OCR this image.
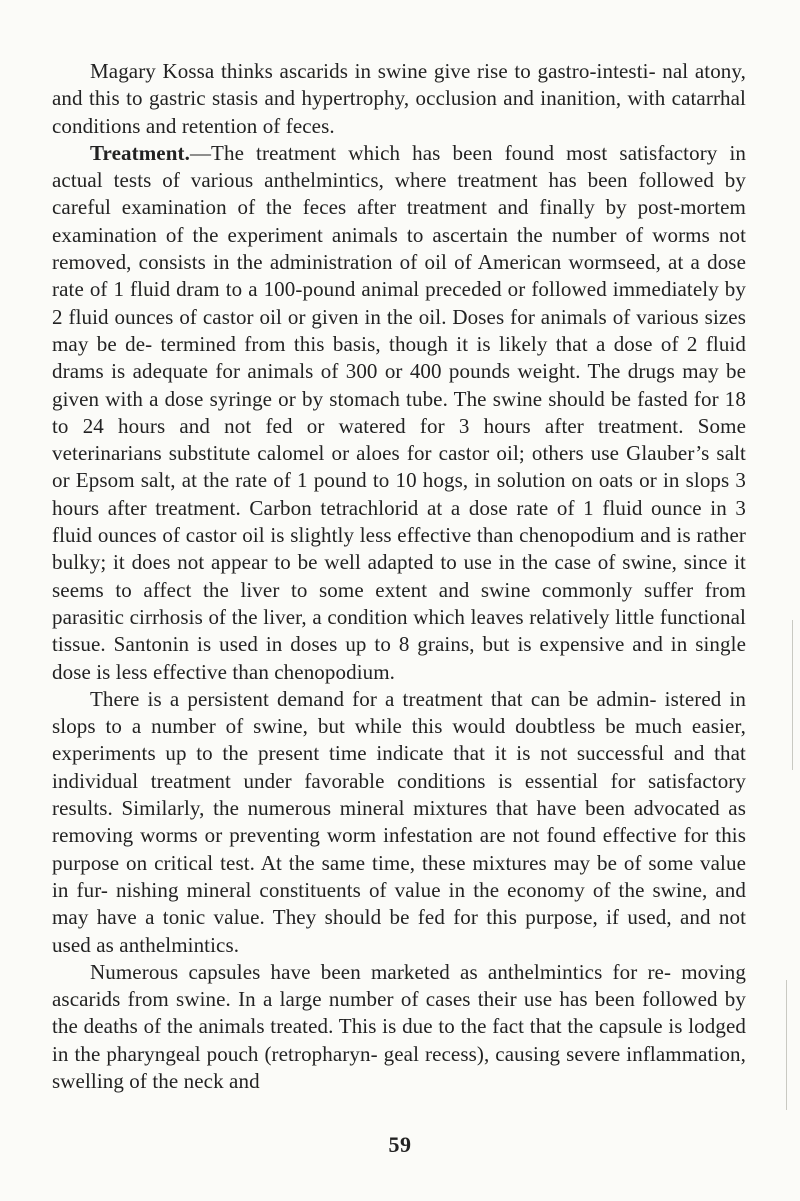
Magary Kossa thinks ascarids in swine give rise to gastro-intesti- nal atony, and this to gastric stasis and hypertrophy, occlusion and inanition, with catarrhal conditions and retention of feces.

Treatment.—The treatment which has been found most satisfactory in actual tests of various anthelmintics, where treatment has been followed by careful examination of the feces after treatment and finally by post-mortem examination of the experiment animals to ascertain the number of worms not removed, consists in the administration of oil of American wormseed, at a dose rate of 1 fluid dram to a 100-pound animal preceded or followed immediately by 2 fluid ounces of castor oil or given in the oil. Doses for animals of various sizes may be de- termined from this basis, though it is likely that a dose of 2 fluid drams is adequate for animals of 300 or 400 pounds weight. The drugs may be given with a dose syringe or by stomach tube. The swine should be fasted for 18 to 24 hours and not fed or watered for 3 hours after treatment. Some veterinarians substitute calomel or aloes for castor oil; others use Glauber’s salt or Epsom salt, at the rate of 1 pound to 10 hogs, in solution on oats or in slops 3 hours after treatment. Carbon tetrachlorid at a dose rate of 1 fluid ounce in 3 fluid ounces of castor oil is slightly less effective than chenopodium and is rather bulky; it does not appear to be well adapted to use in the case of swine, since it seems to affect the liver to some extent and swine commonly suffer from parasitic cirrhosis of the liver, a condition which leaves relatively little functional tissue. Santonin is used in doses up to 8 grains, but is expensive and in single dose is less effective than chenopodium.

There is a persistent demand for a treatment that can be admin- istered in slops to a number of swine, but while this would doubtless be much easier, experiments up to the present time indicate that it is not successful and that individual treatment under favorable conditions is essential for satisfactory results. Similarly, the numerous mineral mixtures that have been advocated as removing worms or preventing worm infestation are not found effective for this purpose on critical test. At the same time, these mixtures may be of some value in fur- nishing mineral constituents of value in the economy of the swine, and may have a tonic value. They should be fed for this purpose, if used, and not used as anthelmintics.

Numerous capsules have been marketed as anthelmintics for re- moving ascarids from swine. In a large number of cases their use has been followed by the deaths of the animals treated. This is due to the fact that the capsule is lodged in the pharyngeal pouch (retropharyn- geal recess), causing severe inflammation, swelling of the neck and

59
